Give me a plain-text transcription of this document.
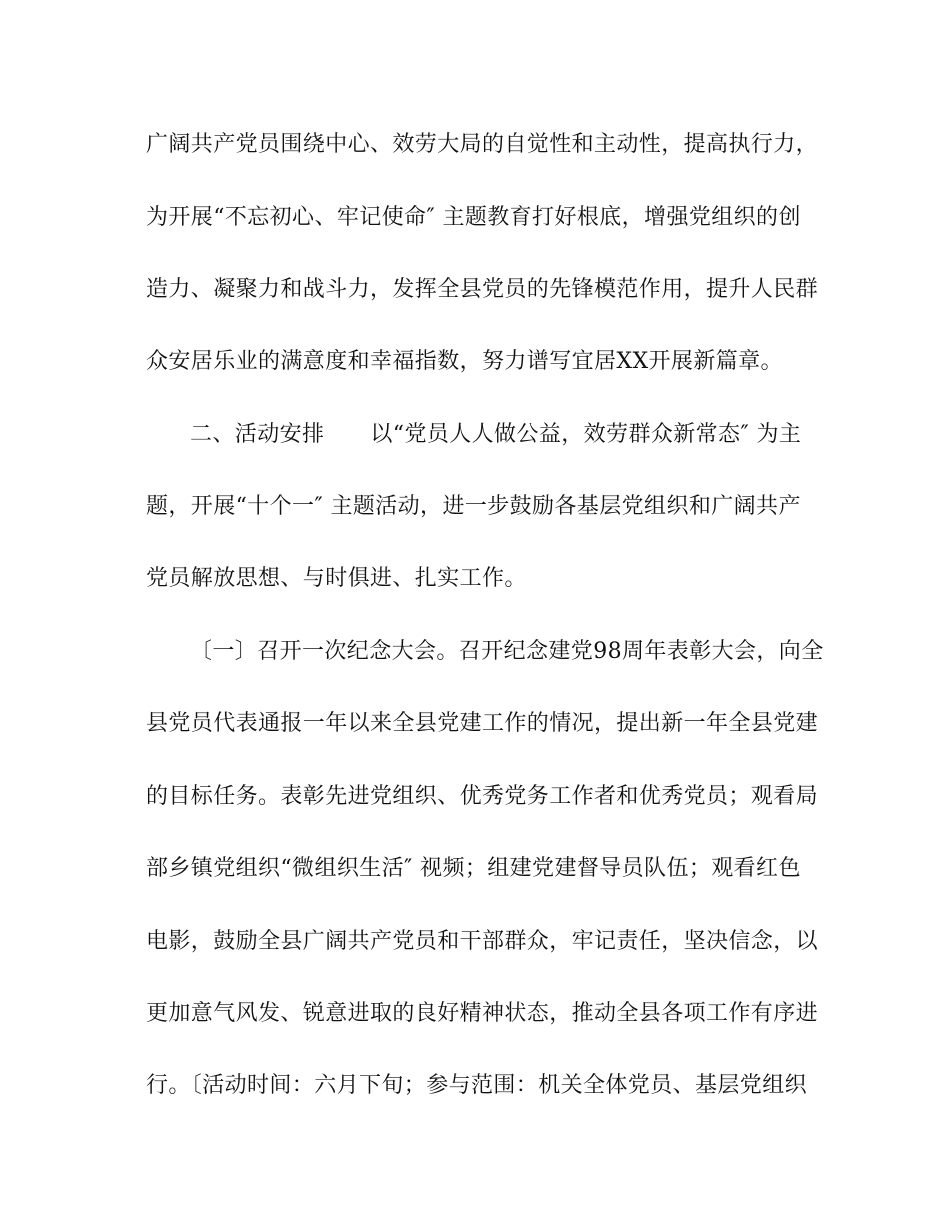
广阔共产党员围绕中心、效劳大局的自觉性和主动性，提高执行力，
为开展“不忘初心、牢记使命″ 主题教育打好根底，增强党组织的创
造力、凝聚力和战斗力，发挥全县党员的先锋模范作用，提升人民群
众安居乐业的满意度和幸福指数，努力谱写宜居XX开展新篇章。
二、活动安排 以“党员人人做公益，效劳群众新常态″ 为主
题，开展“十个一″ 主题活动，进一步鼓励各基层党组织和广阔共产
党员解放思想、与时俱进、扎实工作。
〔一〕召开一次纪念大会。召开纪念建党98周年表彰大会，向全
县党员代表通报一年以来全县党建工作的情况，提出新一年全县党建
的目标任务。表彰先进党组织、优秀党务工作者和优秀党员；观看局
部乡镇党组织“微组织生活″ 视频；组建党建督导员队伍；观看红色
电影，鼓励全县广阔共产党员和干部群众，牢记责任，坚决信念，以
更加意气风发、锐意进取的良好精神状态，推动全县各项工作有序进
行。〔活动时间：六月下旬；参与范围：机关全体党员、基层党组织
